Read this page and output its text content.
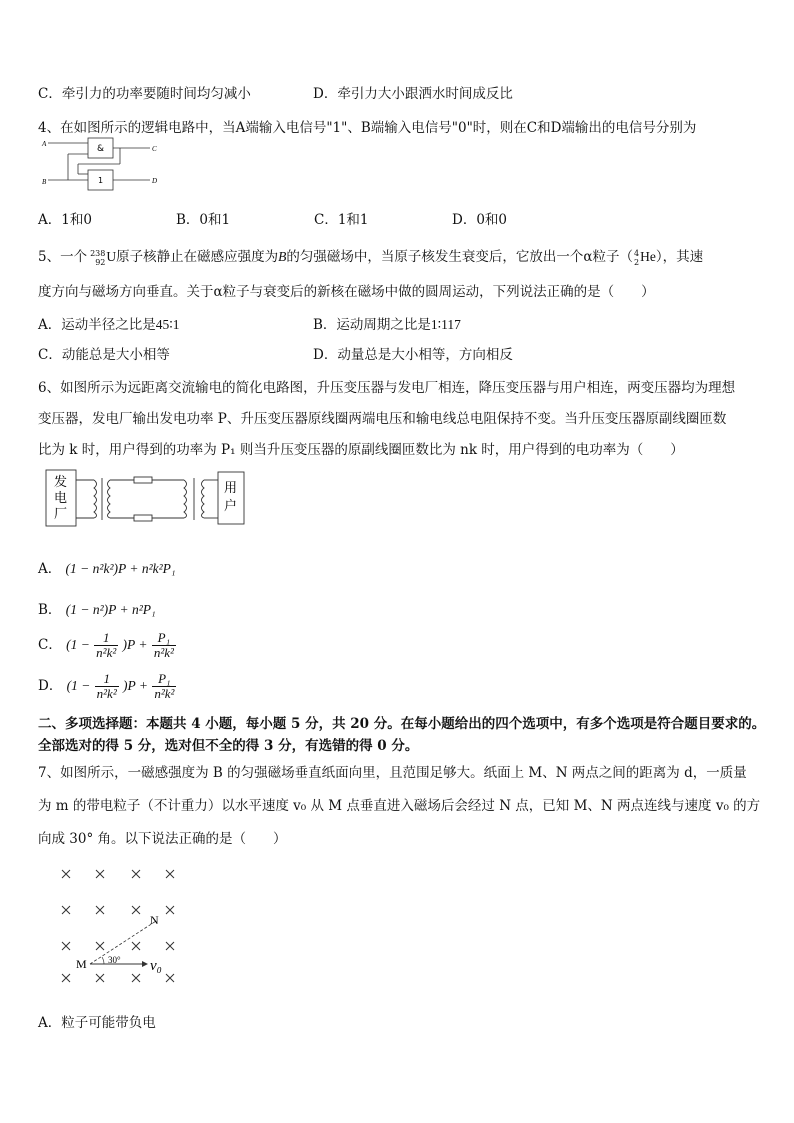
C．牵引力的功率要随时间均匀减小	D．牵引力大小跟洒水时间成反比
4、在如图所示的逻辑电路中，当A端输入电信号"1"、B端输入电信号"0"时，则在C和D端输出的电信号分别为
A
B
C
D
&
1
A．1和0	B．0和1	C．1和1	D．0和0
5、一个 238
92 U原子核静止在磁感应强度为B的匀强磁场中，当原子核发生衰变后，它放出一个α粒子（ 4
2 He），其速
度方向与磁场方向垂直。关于α粒子与衰变后的新核在磁场中做的圆周运动，下列说法正确的是（　　）
A．运动半径之比是45∶1	B．运动周期之比是1∶117
C．动能总是大小相等	D．动量总是大小相等，方向相反
6、如图所示为远距离交流输电的简化电路图，升压变压器与发电厂相连，降压变压器与用户相连，两变压器均为理想
变压器，发电厂输出发电功率 P、升压变压器原线圈两端电压和输电线总电阻保持不变。当升压变压器原副线圈匝数
比为 k 时，用户得到的功率为 P₁ 则当升压变压器的原副线圈匝数比为 nk 时，用户得到的电功率为（　　）
发
电
厂
用
户
A． (1 − n²k²)P + n²k²P₁
B． (1 − n²)P + n²P₁
C． $(1 - \frac{1}{\text{n²k²}} )P + \frac{\text{P₁}}{\text{n²k²}}$
D． $(1 - \frac{1}{\text{n²k²}} )P + \frac{\text{P₁}}{\text{n²k²}}$
二、多项选择题：本题共 4 小题，每小题 5 分，共 20 分。在每小题给出的四个选项中，有多个选项是符合题目要求的。
全部选对的得 5 分，选对但不全的得 3 分，有选错的得 0 分。
7、如图所示，一磁感强度为 B 的匀强磁场垂直纸面向里，且范围足够大。纸面上 M、N 两点之间的距离为 d，一质量
为 m 的带电粒子（不计重力）以水平速度 v₀ 从 M 点垂直进入磁场后会经过 N 点，已知 M、N 两点连线与速度 v₀ 的方
向成 30° 角。以下说法正确的是（　　）
M
N
30° v₀
A．粒子可能带负电
